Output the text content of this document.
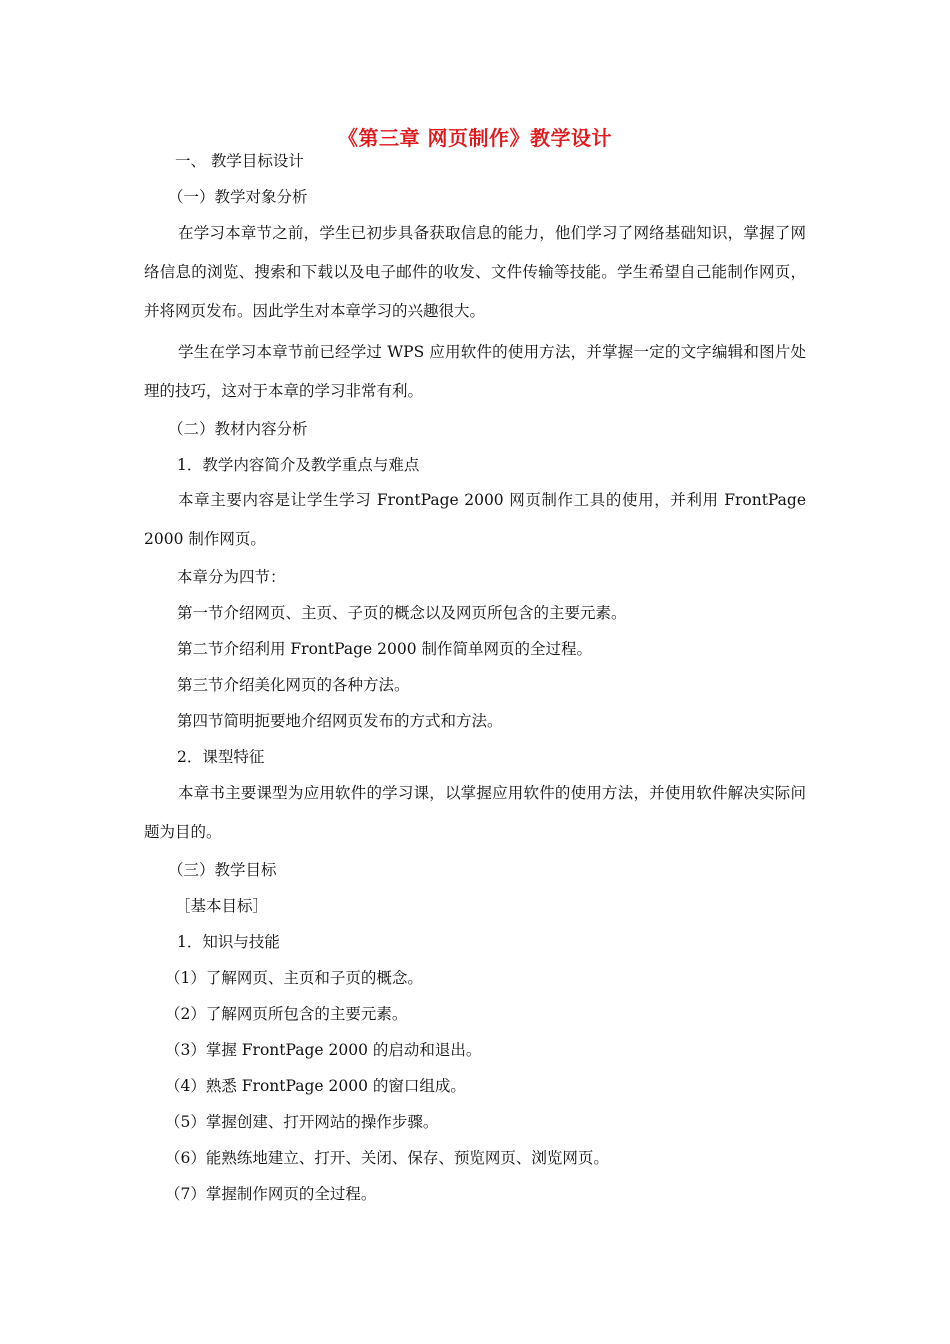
《第三章 网页制作》教学设计
一、 教学目标设计
（一）教学对象分析
在学习本章节之前，学生已初步具备获取信息的能力，他们学习了网络基础知识，掌握了网络信息的浏览、搜索和下载以及电子邮件的收发、文件传输等技能。学生希望自己能制作网页，并将网页发布。因此学生对本章学习的兴趣很大。
学生在学习本章节前已经学过 WPS 应用软件的使用方法，并掌握一定的文字编辑和图片处理的技巧，这对于本章的学习非常有利。
（二）教材内容分析
1．教学内容简介及教学重点与难点
本章主要内容是让学生学习 FrontPage 2000 网页制作工具的使用，并利用 FrontPage 2000 制作网页。
本章分为四节：
第一节介绍网页、主页、子页的概念以及网页所包含的主要元素。
第二节介绍利用 FrontPage 2000 制作简单网页的全过程。
第三节介绍美化网页的各种方法。
第四节简明扼要地介绍网页发布的方式和方法。
2．课型特征
本章书主要课型为应用软件的学习课，以掌握应用软件的使用方法，并使用软件解决实际问题为目的。
（三）教学目标
［基本目标］
1．知识与技能
（1）了解网页、主页和子页的概念。
（2）了解网页所包含的主要元素。
（3）掌握 FrontPage 2000 的启动和退出。
（4）熟悉 FrontPage 2000 的窗口组成。
（5）掌握创建、打开网站的操作步骤。
（6）能熟练地建立、打开、关闭、保存、预览网页、浏览网页。
（7）掌握制作网页的全过程。
